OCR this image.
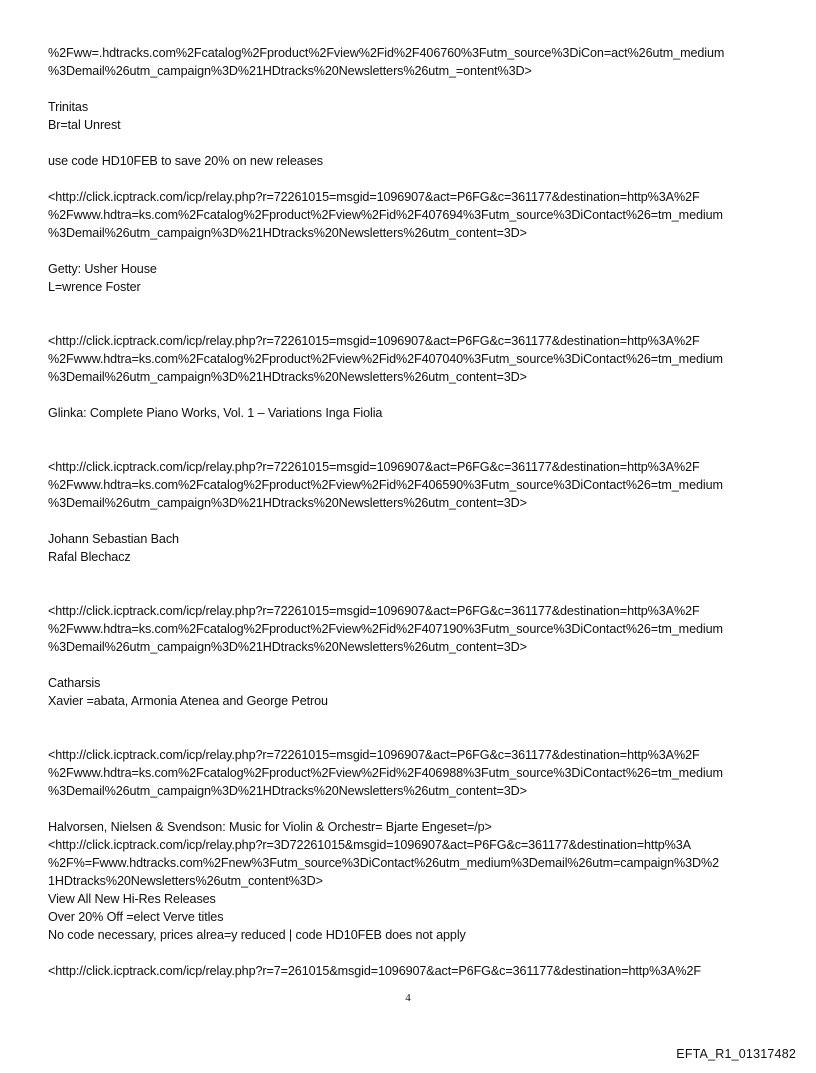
%2Fww=.hdtracks.com%2Fcatalog%2Fproduct%2Fview%2Fid%2F406760%3Futm_source%3DiCon=act%26utm_medium
%3Demail%26utm_campaign%3D%21HDtracks%20Newsletters%26utm_=ontent%3D>
Trinitas
Br=tal Unrest
use code HD10FEB to save 20% on new releases
<http://click.icptrack.com/icp/relay.php?r=72261015=msgid=1096907&act=P6FG&c=361177&destination=http%3A%2F
%2Fwww.hdtra=ks.com%2Fcatalog%2Fproduct%2Fview%2Fid%2F407694%3Futm_source%3DiContact%26=tm_medium
%3Demail%26utm_campaign%3D%21HDtracks%20Newsletters%26utm_content=3D>
Getty: Usher House
L=wrence Foster
<http://click.icptrack.com/icp/relay.php?r=72261015=msgid=1096907&act=P6FG&c=361177&destination=http%3A%2F
%2Fwww.hdtra=ks.com%2Fcatalog%2Fproduct%2Fview%2Fid%2F407040%3Futm_source%3DiContact%26=tm_medium
%3Demail%26utm_campaign%3D%21HDtracks%20Newsletters%26utm_content=3D>
Glinka: Complete Piano Works, Vol. 1 – Variations Inga Fiolia
<http://click.icptrack.com/icp/relay.php?r=72261015=msgid=1096907&act=P6FG&c=361177&destination=http%3A%2F
%2Fwww.hdtra=ks.com%2Fcatalog%2Fproduct%2Fview%2Fid%2F406590%3Futm_source%3DiContact%26=tm_medium
%3Demail%26utm_campaign%3D%21HDtracks%20Newsletters%26utm_content=3D>
Johann Sebastian Bach
Rafal Blechacz
<http://click.icptrack.com/icp/relay.php?r=72261015=msgid=1096907&act=P6FG&c=361177&destination=http%3A%2F
%2Fwww.hdtra=ks.com%2Fcatalog%2Fproduct%2Fview%2Fid%2F407190%3Futm_source%3DiContact%26=tm_medium
%3Demail%26utm_campaign%3D%21HDtracks%20Newsletters%26utm_content=3D>
Catharsis
Xavier =abata, Armonia Atenea and George Petrou
<http://click.icptrack.com/icp/relay.php?r=72261015=msgid=1096907&act=P6FG&c=361177&destination=http%3A%2F
%2Fwww.hdtra=ks.com%2Fcatalog%2Fproduct%2Fview%2Fid%2F406988%3Futm_source%3DiContact%26=tm_medium
%3Demail%26utm_campaign%3D%21HDtracks%20Newsletters%26utm_content=3D>
Halvorsen, Nielsen & Svendson: Music for Violin & Orchestr= Bjarte Engeset=/p>
<http://click.icptrack.com/icp/relay.php?r=3D72261015&msgid=1096907&act=P6FG&c=361177&destination=http%3A
%2F%=Fwww.hdtracks.com%2Fnew%3Futm_source%3DiContact%26utm_medium%3Demail%26utm=campaign%3D%2
1HDtracks%20Newsletters%26utm_content%3D>
View All New Hi-Res Releases
Over 20% Off =elect Verve titles
No code necessary, prices alrea=y reduced | code HD10FEB does not apply
<http://click.icptrack.com/icp/relay.php?r=7=261015&msgid=1096907&act=P6FG&c=361177&destination=http%3A%2F
4
EFTA_R1_01317482
